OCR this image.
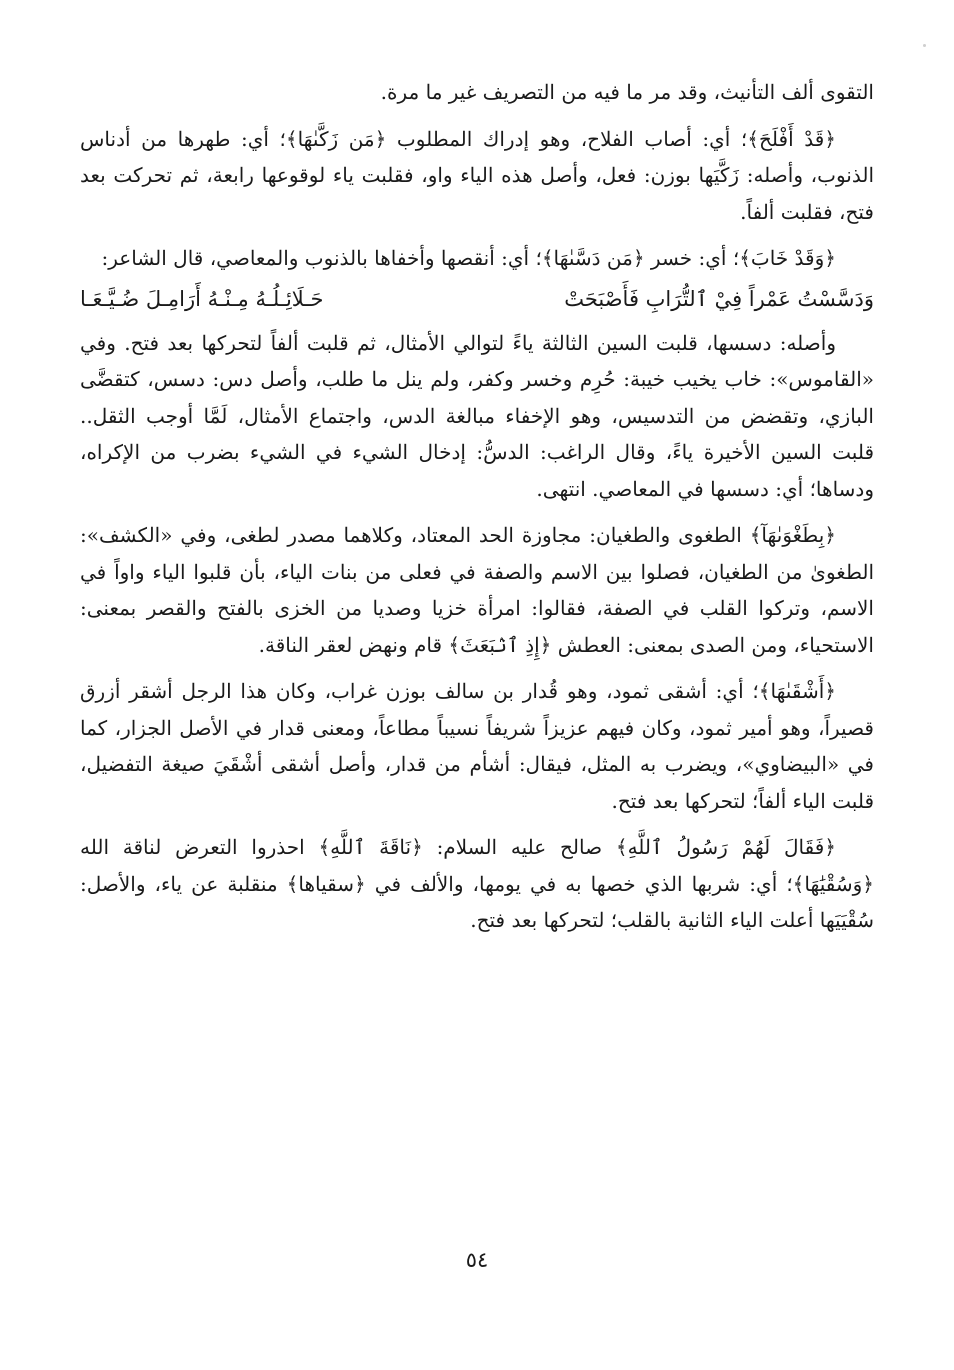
التقوى ألف التأنيث، وقد مر ما فيه من التصريف غير ما مرة.

﴿قَدْ أَفْلَحَ﴾؛ أي: أصاب الفلاح، وهو إدراك المطلوب ﴿مَن زَكَّىٰهَا﴾؛ أي: طهرها من أدناس الذنوب، وأصله: زَكَّيَها بوزن: فعل، وأصل هذه الياء واو، فقلبت ياء لوقوعها رابعة، ثم تحركت بعد فتح، فقلبت ألفاً.

﴿وَقَدْ خَابَ﴾؛ أي: خسر ﴿مَن دَسَّىٰهَا﴾؛ أي: أنقصها وأخفاها بالذنوب والمعاصي، قال الشاعر:

وَدَسَّسْتُ عَمْراً فِيْ ٱلتُّرَابِ فَأَصْبَحَتْ
حَـلَائِـلُـهُ مِـنْـهُ أَرَامِـلَ ضُـيَّـعَـا

وأصله: دسسها، قلبت السين الثالثة ياءً لتوالي الأمثال، ثم قلبت ألفاً لتحركها بعد فتح. وفي «القاموس»: خاب يخيب خيبة: حُرِم وخسر وكفر، ولم ينل ما طلب، وأصل دس: دسس، كتقضَّى البازي، وتقضض من التدسيس، وهو الإخفاء مبالغة الدس، واجتماع الأمثال، لَمَّا أوجب الثقل.. قلبت السين الأخيرة ياءً، وقال الراغب: الدسُّ: إدخال الشيء في الشيء بضرب من الإكراه، ودساها؛ أي: دسسها في المعاصي. انتهى.

﴿بِطَغْوَىٰهَآ﴾ الطغوى والطغيان: مجاوزة الحد المعتاد، وكلاهما مصدر لطغى، وفي «الكشف»: الطغوىٰ من الطغيان، فصلوا بين الاسم والصفة في فعلى من بنات الياء، بأن قلبوا الياء واواً في الاسم، وتركوا القلب في الصفة، فقالوا: امرأة خزيا وصديا من الخزى بالفتح والقصر بمعنى: الاستحياء، ومن الصدى بمعنى: العطش ﴿إِذِ ٱنۢبَعَثَ﴾ قام ونهض لعقر الناقة.

﴿أَشْقَىٰهَا﴾؛ أي: أشقى ثمود، وهو قُدار بن سالف بوزن غراب، وكان هذا الرجل أشقر أزرق قصيراً، وهو أمير ثمود، وكان فيهم عزيزاً شريفاً نسيباً مطاعاً، ومعنى قدار في الأصل الجزار، كما في «البيضاوي»، ويضرب به المثل، فيقال: أشأم من قدار، وأصل أشقى أشْقَيَ صيغة التفضيل، قلبت الياء ألفاً؛ لتحركها بعد فتح.

﴿فَقَالَ لَهُمْ رَسُولُ ٱللَّهِ﴾ صالح عليه السلام: ﴿نَاقَةَ ٱللَّهِ﴾ احذروا التعرض لناقة الله ﴿وَسُقْيَٰهَا﴾؛ أي: شربها الذي خصها به في يومها، والألف في ﴿سقياها﴾ منقلبة عن ياء، والأصل: سُقْيَيَها أعلت الياء الثانية بالقلب؛ لتحركها بعد فتح.

٥٤
